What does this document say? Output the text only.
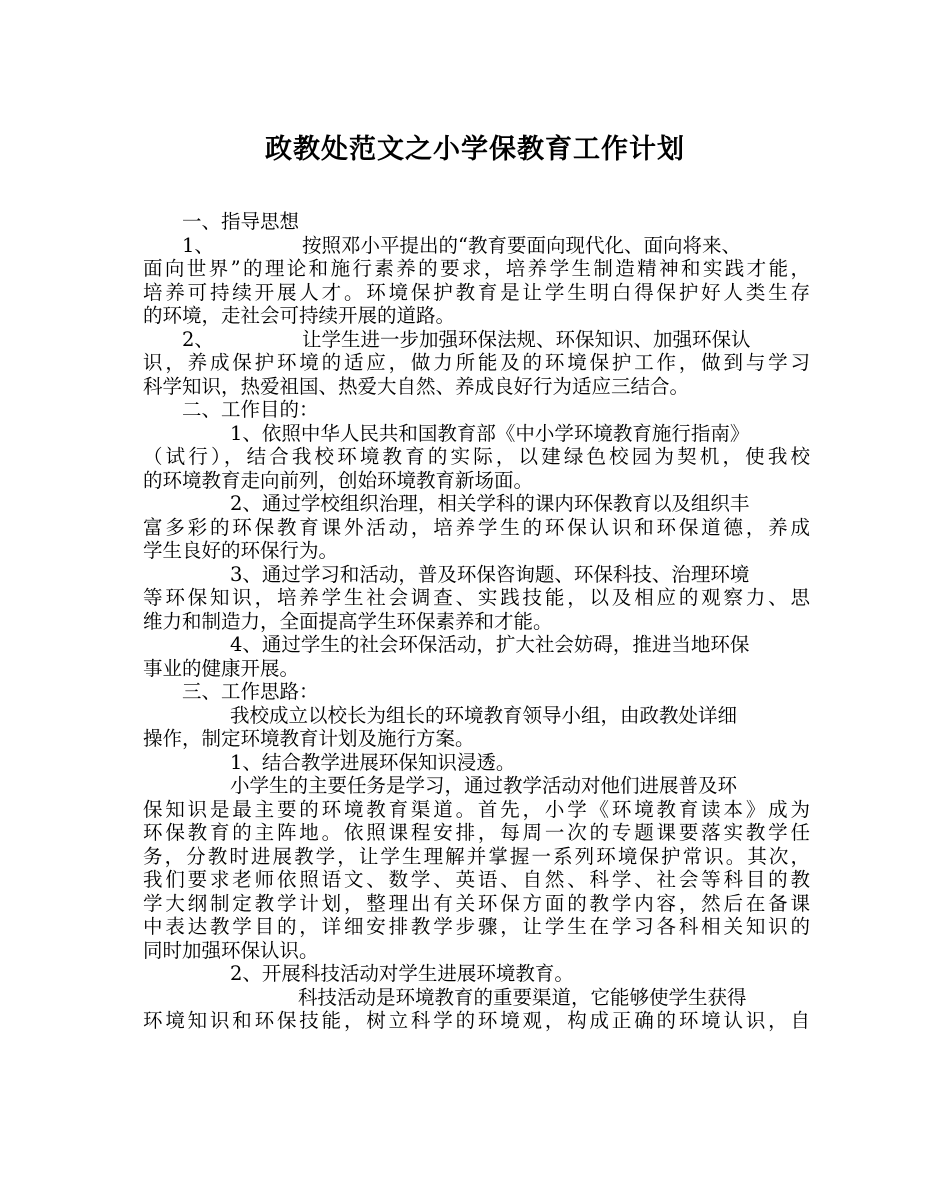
政教处范文之小学保教育工作计划
一、指导思想
1、	按照邓小平提出的“教育要面向现代化、面向将来、
面向世界”的理论和施行素养的要求，培养学生制造精神和实践才能，
培养可持续开展人才。环境保护教育是让学生明白得保护好人类生存
的环境，走社会可持续开展的道路。
2、	让学生进一步加强环保法规、环保知识、加强环保认
识，养成保护环境的适应，做力所能及的环境保护工作，做到与学习
科学知识，热爱祖国、热爱大自然、养成良好行为适应三结合。
二、工作目的：
1、依照中华人民共和国教育部《中小学环境教育施行指南》
（试行），结合我校环境教育的实际，以建绿色校园为契机，使我校
的环境教育走向前列，创始环境教育新场面。
2、通过学校组织治理，相关学科的课内环保教育以及组织丰
富多彩的环保教育课外活动，培养学生的环保认识和环保道德，养成
学生良好的环保行为。
3、通过学习和活动，普及环保咨询题、环保科技、治理环境
等环保知识，培养学生社会调查、实践技能，以及相应的观察力、思
维力和制造力，全面提高学生环保素养和才能。
4、通过学生的社会环保活动，扩大社会妨碍，推进当地环保
事业的健康开展。
三、工作思路：
我校成立以校长为组长的环境教育领导小组，由政教处详细
操作，制定环境教育计划及施行方案。
1、结合教学进展环保知识浸透。
小学生的主要任务是学习，通过教学活动对他们进展普及环
保知识是最主要的环境教育渠道。首先，小学《环境教育读本》成为
环保教育的主阵地。依照课程安排，每周一次的专题课要落实教学任
务，分教时进展教学，让学生理解并掌握一系列环境保护常识。其次，
我们要求老师依照语文、数学、英语、自然、科学、社会等科目的教
学大纲制定教学计划，整理出有关环保方面的教学内容，然后在备课
中表达教学目的，详细安排教学步骤，让学生在学习各科相关知识的
同时加强环保认识。
2、开展科技活动对学生进展环境教育。
科技活动是环境教育的重要渠道，它能够使学生获得
环境知识和环保技能，树立科学的环境观，构成正确的环境认识，自
